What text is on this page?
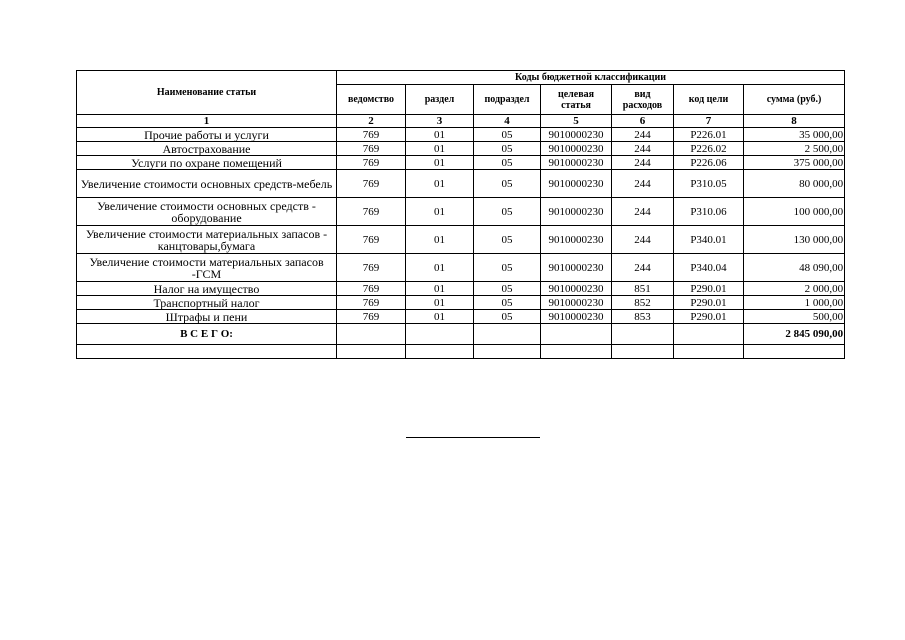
Наименование статьи	Коды бюджетной классификации						
	ведомство	раздел	подраздел	целевая статья	вид расходов	код цели	сумма (руб.)
1	2	3	4	5	6	7	8
Прочие работы и услуги	769	01	05	9010000230	244	P226.01	35 000,00
Автострахование	769	01	05	9010000230	244	P226.02	2 500,00
Услуги по охране помещений	769	01	05	9010000230	244	P226.06	375 000,00
Увеличение стоимости основных средств-мебель	769	01	05	9010000230	244	P310.05	80 000,00
Увеличение стоимости основных средств - оборудование	769	01	05	9010000230	244	P310.06	100 000,00
Увеличение стоимости материальных запасов - канцтовары,бумага	769	01	05	9010000230	244	P340.01	130 000,00
Увеличение стоимости материальных запасов -ГСМ	769	01	05	9010000230	244	P340.04	48 090,00
Налог на имущество	769	01	05	9010000230	851	P290.01	2 000,00
Транспортный налог	769	01	05	9010000230	852	P290.01	1 000,00
Штрафы и пени	769	01	05	9010000230	853	P290.01	500,00
В С Е Г О:							2 845 090,00
